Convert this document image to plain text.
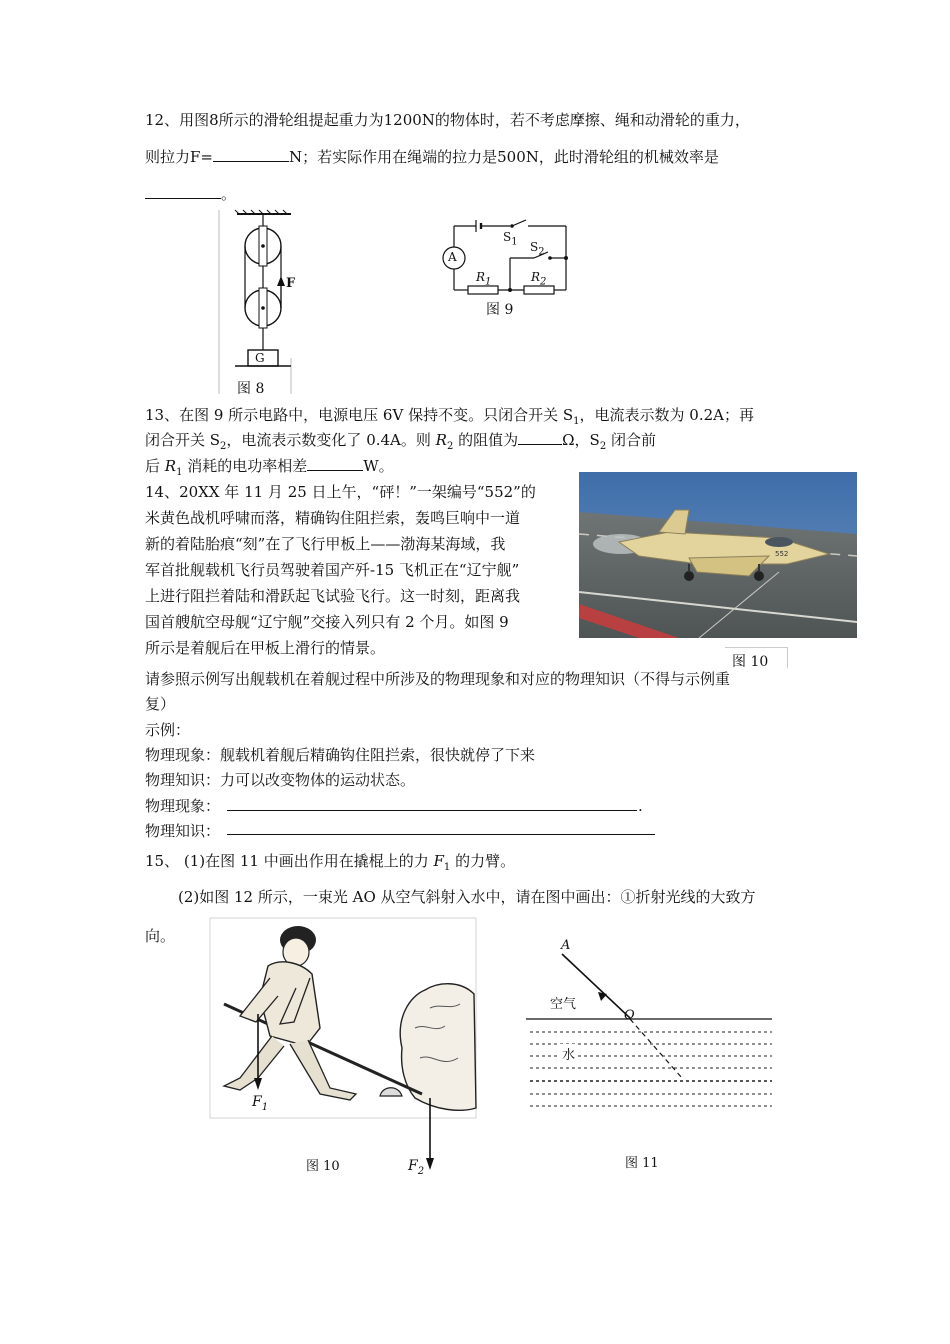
12、用图8所示的滑轮组提起重力为1200N的物体时，若不考虑摩擦、绳和动滑轮的重力，
则拉力F=	N；若实际作用在绳端的拉力是500N，此时滑轮组的机械效率是
。
F
G
图 8
A
$S_1$ $S_2$
$R_1$	$R_2$
图 9
13、在图 9 所示电路中，电源电压 6V 保持不变。只闭合开关 $S_1$，电流表示数为 0.2A；再
闭合开关 $S_2$，电流表示数变化了 0.4A。则 $R_2$ 的阻值为	Ω，$S_2$ 闭合前
后 $R_1$ 消耗的电功率相差	W。
14、20XX 年 11 月 25 日上午，“砰！”一架编号“552”的
米黄色战机呼啸而落，精确钩住阻拦索，轰鸣巨响中一道
新的着陆胎痕“刻”在了飞行甲板上——渤海某海域，我
军首批舰载机飞行员驾驶着国产歼-15 飞机正在“辽宁舰”
上进行阻拦着陆和滑跃起飞试验飞行。这一时刻，距离我
国首艘航空母舰“辽宁舰”交接入列只有 2 个月。如图 9
所示是着舰后在甲板上滑行的情景。
552
图 10
请参照示例写出舰载机在着舰过程中所涉及的物理现象和对应的物理知识（不得与示例重
复）
示例：
物理现象：舰载机着舰后精确钩住阻拦索，很快就停了下来
物理知识：力可以改变物体的运动状态。
物理现象：	.
物理知识：
15、 (1)在图 11 中画出作用在撬棍上的力 $F_1$ 的力臂。
(2)如图 12 所示，一束光 AO 从空气斜射入水中，请在图中画出：①折射光线的大致方
向。
$F_1$
$F_2$
图 10
A
O
空气
水
图 11
